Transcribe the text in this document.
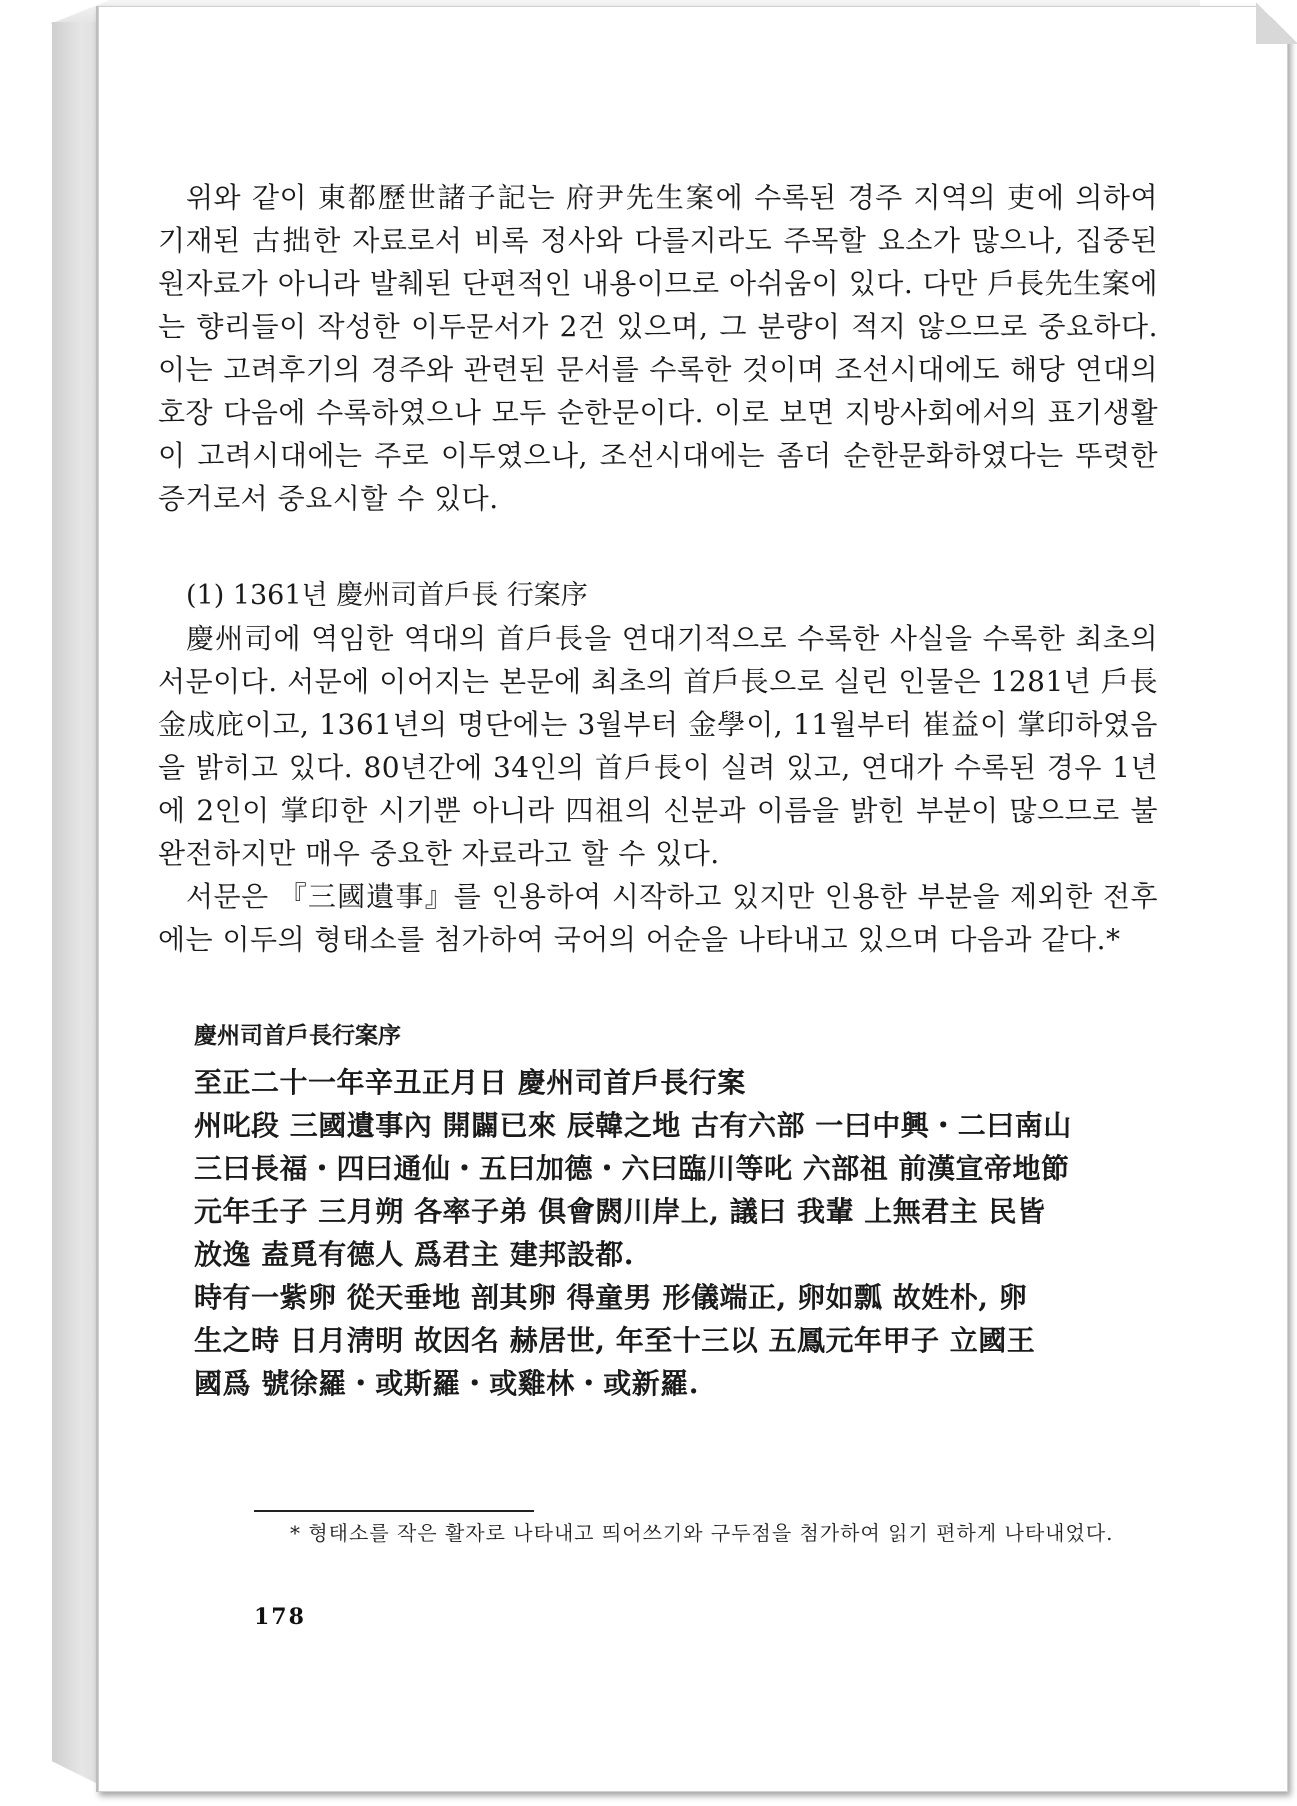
위와 같이 東都歷世諸子記는 府尹先生案에 수록된 경주 지역의 吏에 의하여 기재된 古拙한 자료로서 비록 정사와 다를지라도 주목할 요소가 많으나, 집중된 원자료가 아니라 발췌된 단편적인 내용이므로 아쉬움이 있다. 다만 戶長先生案에는 향리들이 작성한 이두문서가 2건 있으며, 그 분량이 적지 않으므로 중요하다. 이는 고려후기의 경주와 관련된 문서를 수록한 것이며 조선시대에도 해당 연대의 호장 다음에 수록하였으나 모두 순한문이다. 이로 보면 지방사회에서의 표기생활이 고려시대에는 주로 이두였으나, 조선시대에는 좀더 순한문화하였다는 뚜렷한 증거로서 중요시할 수 있다.

(1) 1361년 慶州司首戶長 行案序

慶州司에 역임한 역대의 首戶長을 연대기적으로 수록한 사실을 수록한 최초의 서문이다. 서문에 이어지는 본문에 최초의 首戶長으로 실린 인물은 1281년 戶長 金成庇이고, 1361년의 명단에는 3월부터 金學이, 11월부터 崔益이 掌印하였음을 밝히고 있다. 80년간에 34인의 首戶長이 실려 있고, 연대가 수록된 경우 1년에 2인이 掌印한 시기뿐 아니라 四祖의 신분과 이름을 밝힌 부분이 많으므로 불완전하지만 매우 중요한 자료라고 할 수 있다.

서문은 『三國遺事』를 인용하여 시작하고 있지만 인용한 부분을 제외한 전후에는 이두의 형태소를 첨가하여 국어의 어순을 나타내고 있으며 다음과 같다.*

慶州司首戶長行案序

至正二十一年辛丑正月日 慶州司首戶長行案

州叱段 三國遺事內 開闢已來 辰韓之地 古有六部 一曰中興・二曰南山

三曰長福・四曰通仙・五曰加德・六曰臨川等叱 六部祖 前漢宣帝地節

元年壬子 三月朔 各率子弟 俱會閼川岸上, 議曰 我輩 上無君主 民皆

放逸 盍覓有德人 爲君主 建邦設都.

時有一紫卵 從天垂地 剖其卵 得童男 形儀端正, 卵如瓢 故姓朴, 卵

生之時 日月淸明 故因名 赫居世, 年至十三以 五鳳元年甲子 立國王

國爲 號徐羅・或斯羅・或雞林・或新羅.

* 형태소를 작은 활자로 나타내고 띄어쓰기와 구두점을 첨가하여 읽기 편하게 나타내었다.
178
